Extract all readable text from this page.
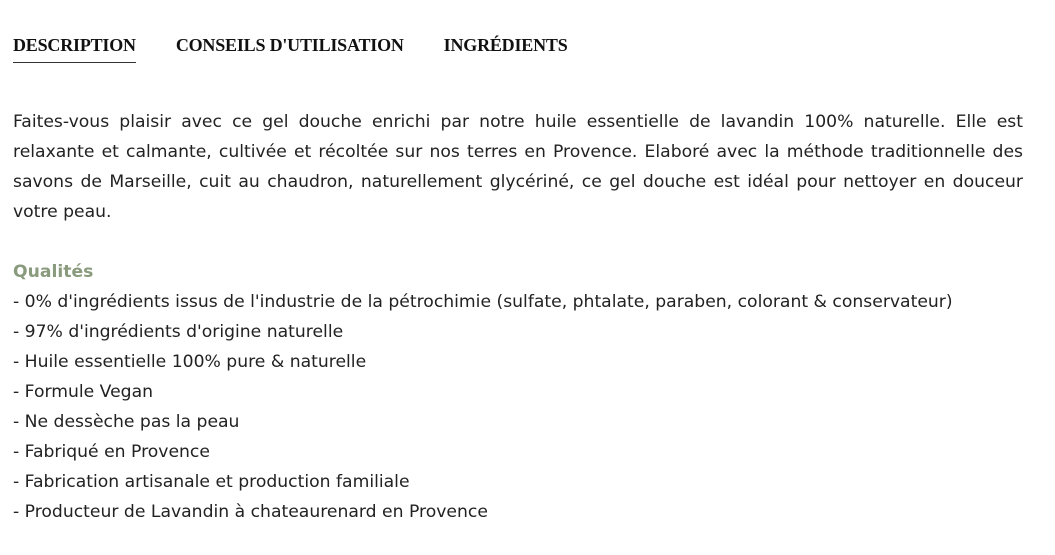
DESCRIPTION CONSEILS D'UTILISATION INGRÉDIENTS

Faites-vous plaisir avec ce gel douche enrichi par notre huile essentielle de lavandin 100% naturelle. Elle est relaxante et calmante, cultivée et récoltée sur nos terres en Provence. Elaboré avec la méthode traditionnelle des savons de Marseille, cuit au chaudron, naturellement glycériné, ce gel douche est idéal pour nettoyer en douceur votre peau.

Qualités
- 0% d'ingrédients issus de l'industrie de la pétrochimie (sulfate, phtalate, paraben, colorant & conservateur)
- 97% d'ingrédients d'origine naturelle
- Huile essentielle 100% pure & naturelle
- Formule Vegan
- Ne dessèche pas la peau
- Fabriqué en Provence
- Fabrication artisanale et production familiale
- Producteur de Lavandin à chateaurenard en Provence
